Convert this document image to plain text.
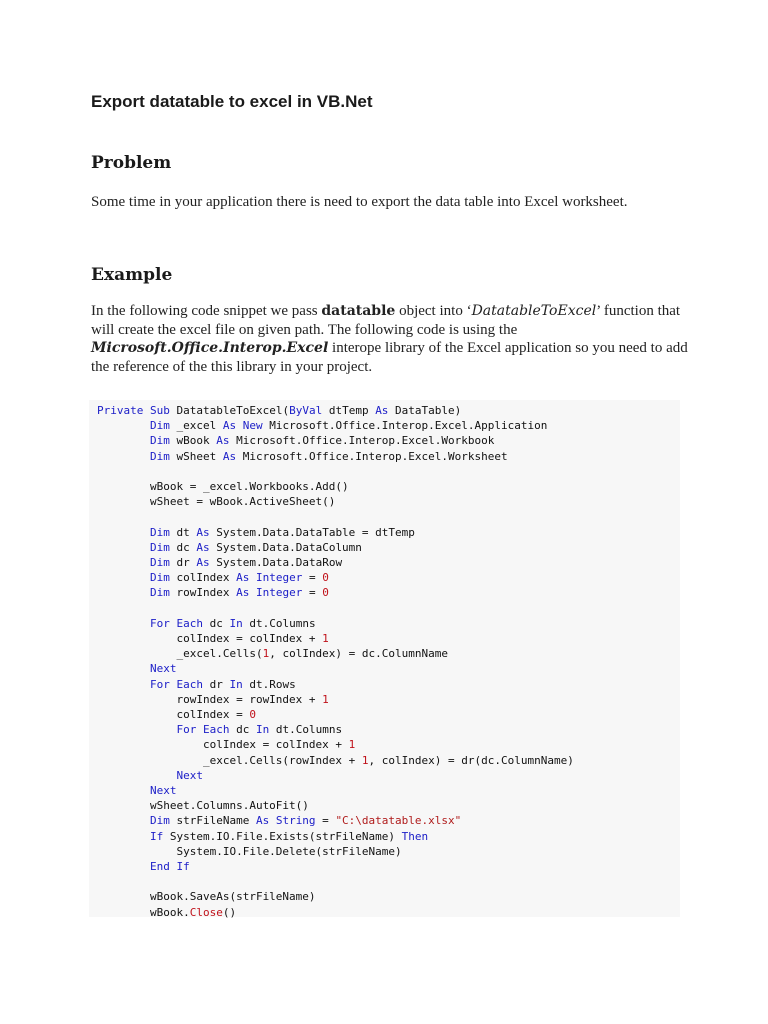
Export datatable to excel in VB.Net
Problem

Some time in your application there is need to export the data table into Excel worksheet.

Example

In the following code snippet we pass datatable object into ‘DatatableToExcel’ function that will create the excel file on given path. The following code is using the Microsoft.Office.Interop.Excel interope library of the Excel application so you need to add the reference of the this library in your project.

Private Sub DatatableToExcel(ByVal dtTemp As DataTable)
Dim _excel As New Microsoft.Office.Interop.Excel.Application
Dim wBook As Microsoft.Office.Interop.Excel.Workbook
Dim wSheet As Microsoft.Office.Interop.Excel.Worksheet
wBook = _excel.Workbooks.Add()
wSheet = wBook.ActiveSheet()
Dim dt As System.Data.DataTable = dtTemp
Dim dc As System.Data.DataColumn
Dim dr As System.Data.DataRow
Dim colIndex As Integer = 0
Dim rowIndex As Integer = 0
For Each dc In dt.Columns
colIndex = colIndex + 1
_excel.Cells(1, colIndex) = dc.ColumnName
Next
For Each dr In dt.Rows
rowIndex = rowIndex + 1
colIndex = 0
For Each dc In dt.Columns
colIndex = colIndex + 1
_excel.Cells(rowIndex + 1, colIndex) = dr(dc.ColumnName)
Next
Next
wSheet.Columns.AutoFit()
Dim strFileName As String = "C:\datatable.xlsx"
If System.IO.File.Exists(strFileName) Then
System.IO.File.Delete(strFileName)
End If
wBook.SaveAs(strFileName)
wBook.Close()
